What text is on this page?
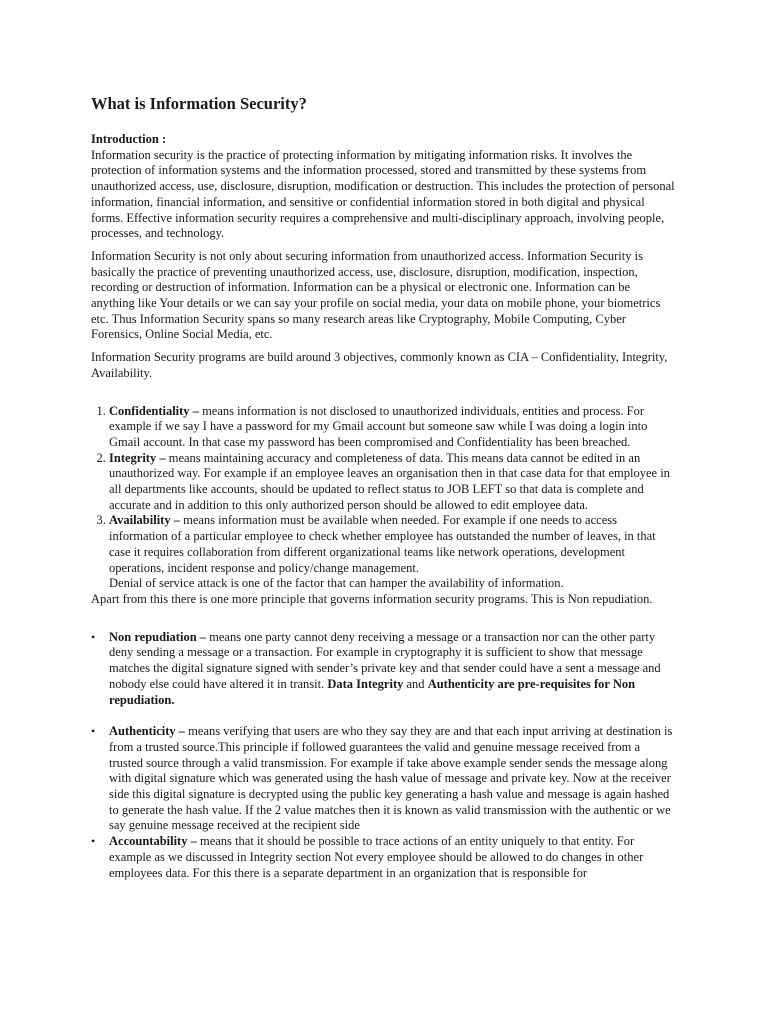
What is Information Security?

Introduction :
Information security is the practice of protecting information by mitigating information risks. It involves the protection of information systems and the information processed, stored and transmitted by these systems from unauthorized access, use, disclosure, disruption, modification or destruction. This includes the protection of personal information, financial information, and sensitive or confidential information stored in both digital and physical forms. Effective information security requires a comprehensive and multi-disciplinary approach, involving people, processes, and technology.

Information Security is not only about securing information from unauthorized access. Information Security is basically the practice of preventing unauthorized access, use, disclosure, disruption, modification, inspection, recording or destruction of information. Information can be a physical or electronic one. Information can be anything like Your details or we can say your profile on social media, your data on mobile phone, your biometrics etc. Thus Information Security spans so many research areas like Cryptography, Mobile Computing, Cyber Forensics, Online Social Media, etc.

Information Security programs are build around 3 objectives, commonly known as CIA – Confidentiality, Integrity, Availability.

1. Confidentiality – means information is not disclosed to unauthorized individuals, entities and process. For example if we say I have a password for my Gmail account but someone saw while I was doing a login into Gmail account. In that case my password has been compromised and Confidentiality has been breached.
2. Integrity – means maintaining accuracy and completeness of data. This means data cannot be edited in an unauthorized way. For example if an employee leaves an organisation then in that case data for that employee in all departments like accounts, should be updated to reflect status to JOB LEFT so that data is complete and accurate and in addition to this only authorized person should be allowed to edit employee data.
3. Availability – means information must be available when needed. For example if one needs to access information of a particular employee to check whether employee has outstanded the number of leaves, in that case it requires collaboration from different organizational teams like network operations, development operations, incident response and policy/change management.
Denial of service attack is one of the factor that can hamper the availability of information.

Apart from this there is one more principle that governs information security programs. This is Non repudiation.

• Non repudiation – means one party cannot deny receiving a message or a transaction nor can the other party deny sending a message or a transaction. For example in cryptography it is sufficient to show that message matches the digital signature signed with sender’s private key and that sender could have a sent a message and nobody else could have altered it in transit. Data Integrity and Authenticity are pre-requisites for Non repudiation.
• Authenticity – means verifying that users are who they say they are and that each input arriving at destination is from a trusted source.This principle if followed guarantees the valid and genuine message received from a trusted source through a valid transmission. For example if take above example sender sends the message along with digital signature which was generated using the hash value of message and private key. Now at the receiver side this digital signature is decrypted using the public key generating a hash value and message is again hashed to generate the hash value. If the 2 value matches then it is known as valid transmission with the authentic or we say genuine message received at the recipient side
• Accountability – means that it should be possible to trace actions of an entity uniquely to that entity. For example as we discussed in Integrity section Not every employee should be allowed to do changes in other employees data. For this there is a separate department in an organization that is responsible for
